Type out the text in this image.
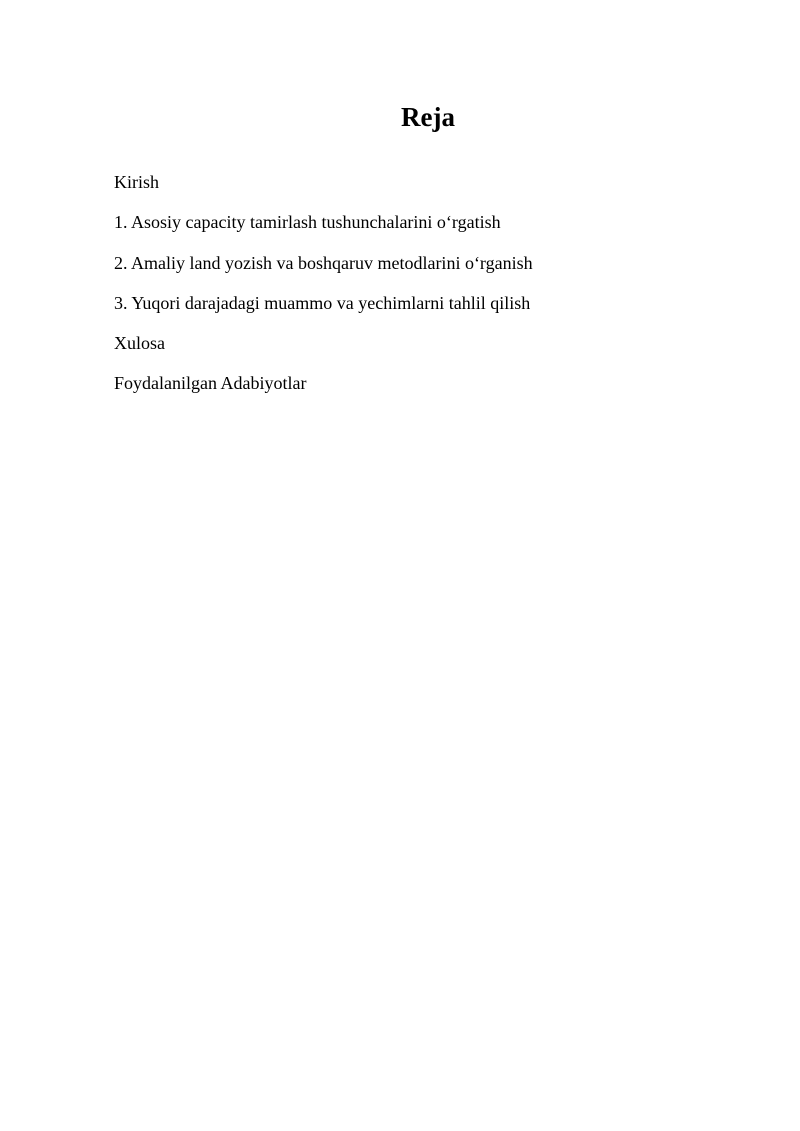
Reja
Kirish
1. Asosiy capacity tamirlash tushunchalarini o‘rgatish
2. Amaliy land yozish va boshqaruv metodlarini o‘rganish
3. Yuqori darajadagi muammo va yechimlarni tahlil qilish
Xulosa
Foydalanilgan Adabiyotlar
